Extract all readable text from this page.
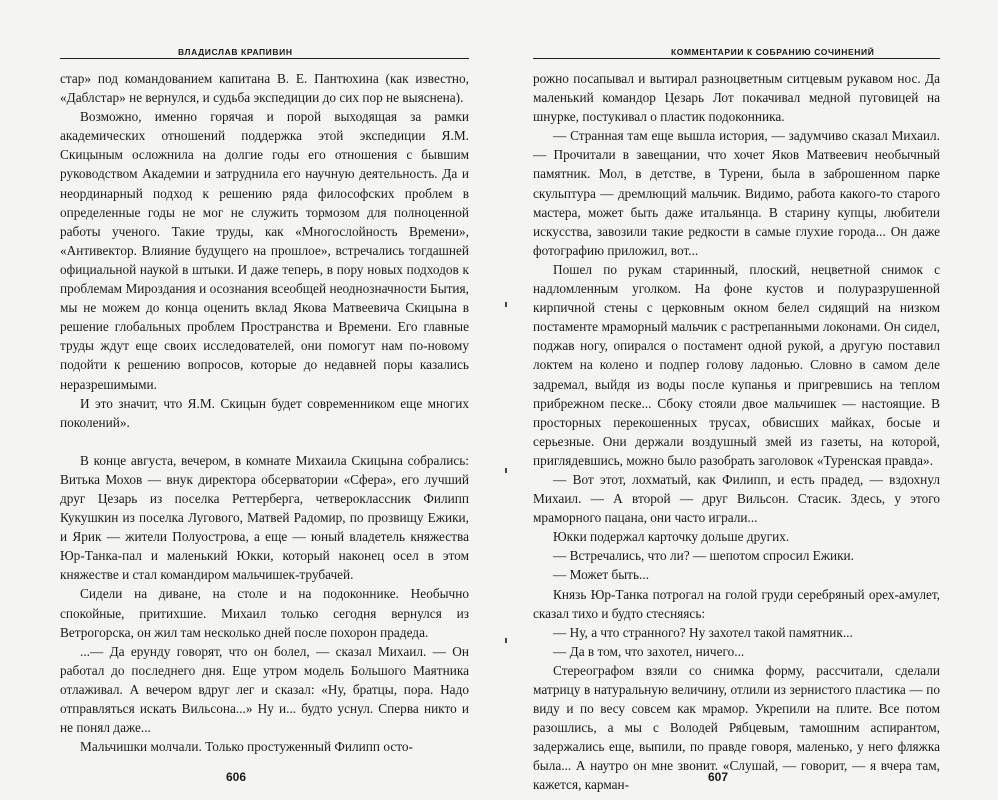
ВЛАДИСЛАВ КРАПИВИН

стар» под командованием капитана В. Е. Пантюхина (как известно, «Даблстар» не вернулся, и судьба экспедиции до сих пор не выяснена).

Возможно, именно горячая и порой выходящая за рамки академических отношений поддержка этой экспедиции Я.М. Скицыным осложнила на долгие годы его отношения с бывшим руководством Академии и затруднила его научную деятельность. Да и неординарный подход к решению ряда философских проблем в определенные годы не мог не служить тормозом для полноценной работы ученого. Такие труды, как «Многослойность Времени», «Антивектор. Влияние будущего на прошлое», встречались тогдашней официальной наукой в штыки. И даже теперь, в пору новых подходов к проблемам Мироздания и осознания всеобщей неоднозначности Бытия, мы не можем до конца оценить вклад Якова Матвеевича Скицына в решение глобальных проблем Пространства и Времени. Его главные труды ждут еще своих исследователей, они помогут нам по-новому подойти к решению вопросов, которые до недавней поры казались неразрешимыми.

И это значит, что Я.М. Скицын будет современником еще многих поколений».

В конце августа, вечером, в комнате Михаила Скицына собрались: Витька Мохов — внук директора обсерватории «Сфера», его лучший друг Цезарь из поселка Реттерберга, четвероклассник Филипп Кукушкин из поселка Лугового, Матвей Радомир, по прозвищу Ежики, и Ярик — жители Полуострова, а еще — юный владетель княжества Юр-Танка-пал и маленький Юкки, который наконец осел в этом княжестве и стал командиром мальчишек-трубачей.

Сидели на диване, на столе и на подоконнике. Необычно спокойные, притихшие. Михаил только сегодня вернулся из Ветрогорска, он жил там несколько дней после похорон прадеда.

...— Да ерунду говорят, что он болел, — сказал Михаил. — Он работал до последнего дня. Еще утром модель Большого Маятника отлаживал. А вечером вдруг лег и сказал: «Ну, братцы, пора. Надо отправляться искать Вильсона...» Ну и... будто уснул. Сперва никто и не понял даже...

Мальчишки молчали. Только простуженный Филипп осто-

606
КОММЕНТАРИИ К СОБРАНИЮ СОЧИНЕНИЙ

рожно посапывал и вытирал разноцветным ситцевым рукавом нос. Да маленький командор Цезарь Лот покачивал медной пуговицей на шнурке, постукивал о пластик подоконника.

— Странная там еще вышла история, — задумчиво сказал Михаил. — Прочитали в завещании, что хочет Яков Матвеевич необычный памятник. Мол, в детстве, в Турени, была в заброшенном парке скульптура — дремлющий мальчик. Видимо, работа какого-то старого мастера, может быть даже итальянца. В старину купцы, любители искусства, завозили такие редкости в самые глухие города... Он даже фотографию приложил, вот...

Пошел по рукам старинный, плоский, нецветной снимок с надломленным уголком. На фоне кустов и полуразрушенной кирпичной стены с церковным окном белел сидящий на низком постаменте мраморный мальчик с растрепанными локонами. Он сидел, поджав ногу, опирался о постамент одной рукой, а другую поставил локтем на колено и подпер голову ладонью. Словно в самом деле задремал, выйдя из воды после купанья и пригревшись на теплом прибрежном песке... Сбоку стояли двое мальчишек — настоящие. В просторных перекошенных трусах, обвисших майках, босые и серьезные. Они держали воздушный змей из газеты, на которой, приглядевшись, можно было разобрать заголовок «Туренская правда».

— Вот этот, лохматый, как Филипп, и есть прадед, — вздохнул Михаил. — А второй — друг Вильсон. Стасик. Здесь, у этого мраморного пацана, они часто играли...

Юкки подержал карточку дольше других.

— Встречались, что ли? — шепотом спросил Ежики.

— Может быть...

Князь Юр-Танка потрогал на голой груди серебряный орех-амулет, сказал тихо и будто стесняясь:

— Ну, а что странного? Ну захотел такой памятник...

— Да в том, что захотел, ничего...

Стереографом взяли со снимка форму, рассчитали, сделали матрицу в натуральную величину, отлили из зернистого пластика — по виду и по весу совсем как мрамор. Укрепили на плите. Все потом разошлись, а мы с Володей Рябцевым, тамошним аспирантом, задержались еще, выпили, по правде говоря, маленько, у него фляжка была... А наутро он мне звонит. «Слушай, — говорит, — я вчера там, кажется, карман-

607
